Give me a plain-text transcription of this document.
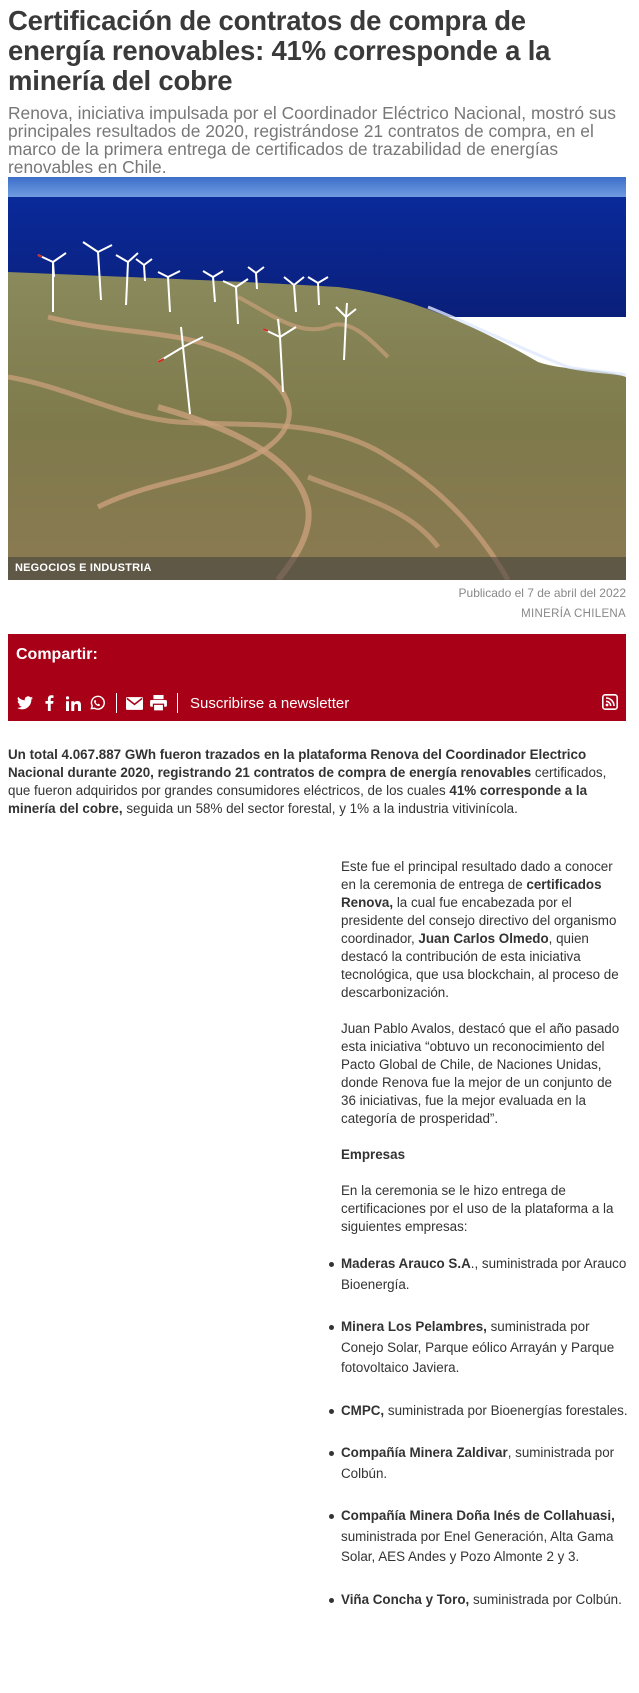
Certificación de contratos de compra de energía renovables: 41% corresponde a la minería del cobre

Renova, iniciativa impulsada por el Coordinador Eléctrico Nacional, mostró sus principales resultados de 2020, registrándose 21 contratos de compra, en el marco de la primera entrega de certificados de trazabilidad de energías renovables en Chile.

NEGOCIOS E INDUSTRIA
Publicado el 7 de abril del 2022
MINERÍA CHILENA
Compartir:
Suscribirse a newsletter

Un total 4.067.887 GWh fueron trazados en la plataforma Renova del Coordinador Electrico Nacional durante 2020, registrando 21 contratos de compra de energía renovables certificados, que fueron adquiridos por grandes consumidores eléctricos, de los cuales 41% corresponde a la minería del cobre, seguida un 58% del sector forestal, y 1% a la industria vitivinícola.

Este fue el principal resultado dado a conocer en la ceremonia de entrega de certificados Renova, la cual fue encabezada por el presidente del consejo directivo del organismo coordinador, Juan Carlos Olmedo, quien destacó la contribución de esta iniciativa tecnológica, que usa blockchain, al proceso de descarbonización.

Juan Pablo Avalos, destacó que el año pasado esta iniciativa “obtuvo un reconocimiento del Pacto Global de Chile, de Naciones Unidas, donde Renova fue la mejor de un conjunto de 36 iniciativas, fue la mejor evaluada en la categoría de prosperidad”.

Empresas

En la ceremonia se le hizo entrega de certificaciones por el uso de la plataforma a la siguientes empresas:

Maderas Arauco S.A., suministrada por Arauco Bioenergía.
Minera Los Pelambres, suministrada por Conejo Solar, Parque eólico Arrayán y Parque fotovoltaico Javiera.
CMPC, suministrada por Bioenergías forestales.
Compañía Minera Zaldivar, suministrada por Colbún.
Compañía Minera Doña Inés de Collahuasi, suministrada por Enel Generación, Alta Gama Solar, AES Andes y Pozo Almonte 2 y 3.
Viña Concha y Toro, suministrada por Colbún.
